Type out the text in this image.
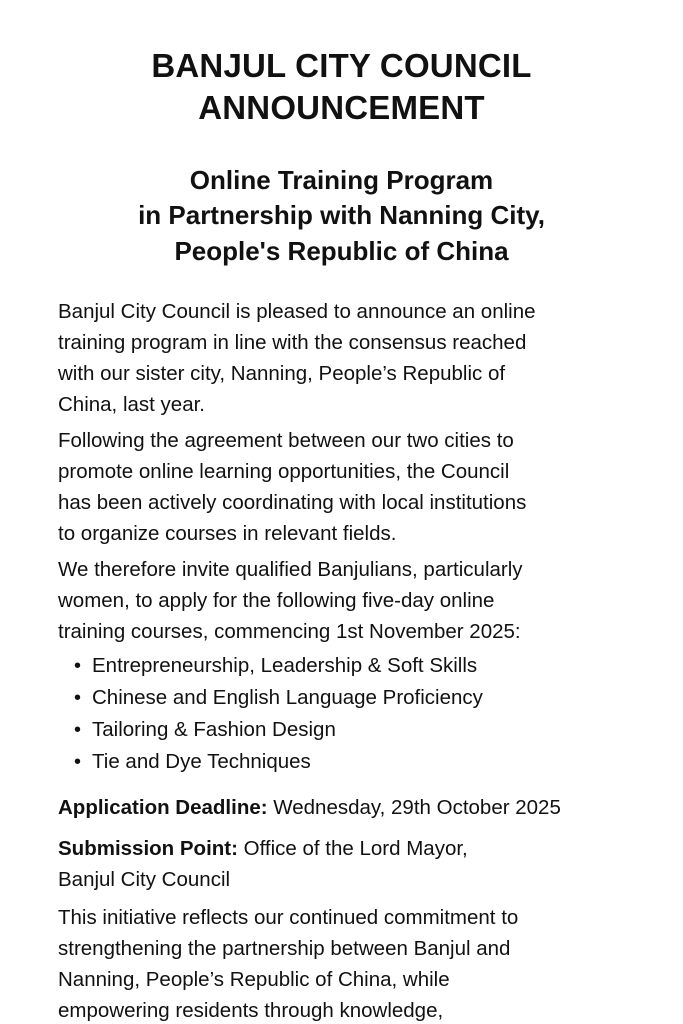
BANJUL CITY COUNCIL
ANNOUNCEMENT
Online Training Program
in Partnership with Nanning City,
People's Republic of China

Banjul City Council is pleased to announce an online
training program in line with the consensus reached
with our sister city, Nanning, People’s Republic of
China, last year.

Following the agreement between our two cities to
promote online learning opportunities, the Council
has been actively coordinating with local institutions
to organize courses in relevant fields.

We therefore invite qualified Banjulians, particularly
women, to apply for the following five-day online
training courses, commencing 1st November 2025:

• Entrepreneurship, Leadership & Soft Skills
• Chinese and English Language Proficiency
• Tailoring & Fashion Design
• Tie and Dye Techniques

Application Deadline: Wednesday, 29th October 2025

Submission Point: Office of the Lord Mayor,
Banjul City Council

This initiative reflects our continued commitment to
strengthening the partnership between Banjul and
Nanning, People’s Republic of China, while
empowering residents through knowledge,
